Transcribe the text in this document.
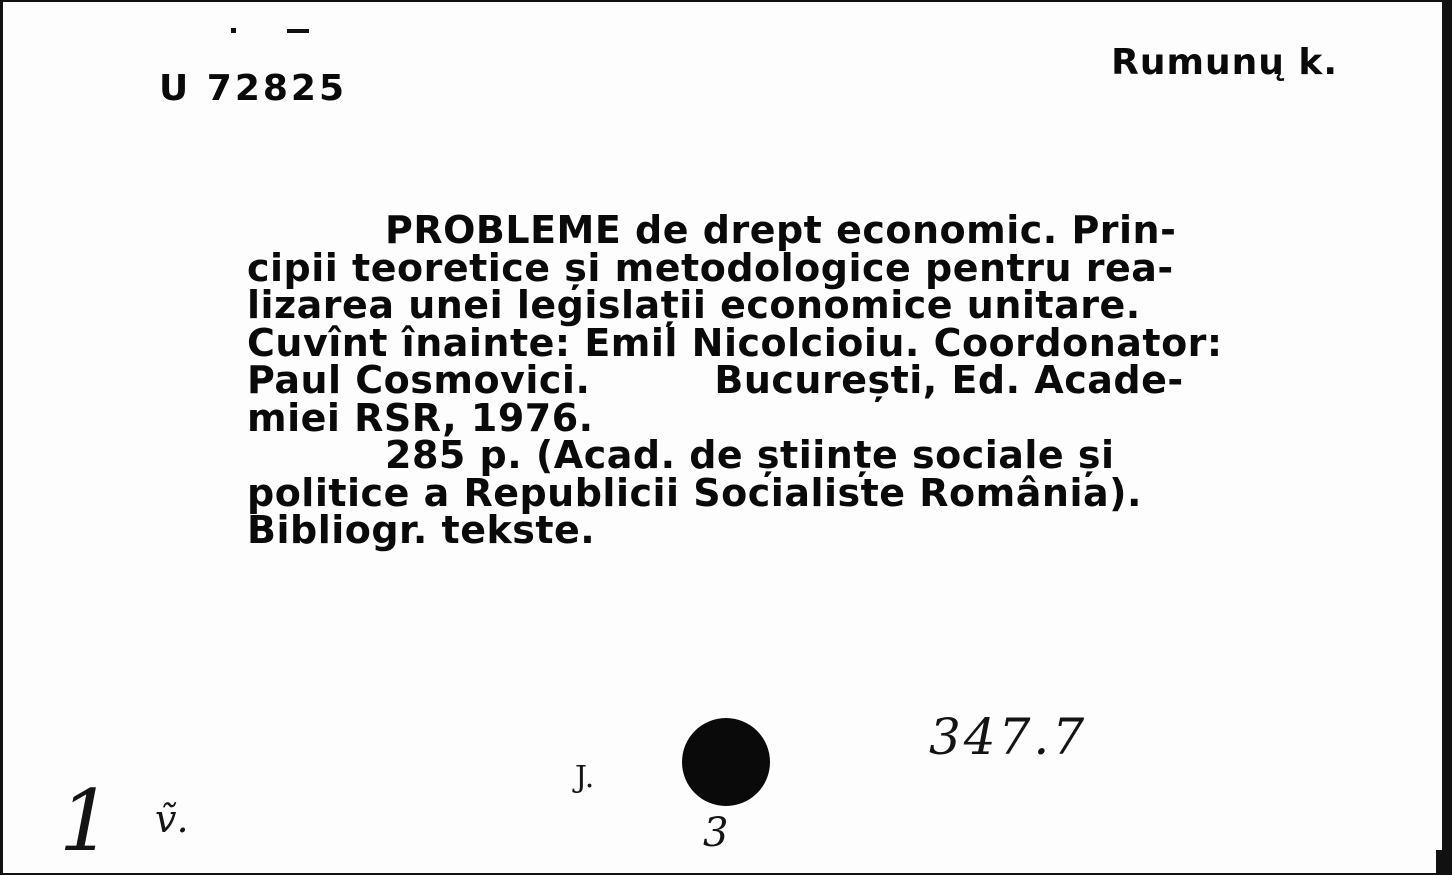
U 72825
Rumunų k.
PROBLEME de drept economic. Prin-
cipii teoretice și metodologice pentru rea-
lizarea unei legislații economice unitare.
Cuvînt înainte: Emil Nicolcioiu. Coordonator:
Paul Cosmovici.	București, Ed. Acade-
miei RSR, 1976.
285 p. (Acad. de științe sociale și
politice a Republicii Socialiste România).
Bibliogr. tekste.
1 ṽ.
J.
3
347.7
